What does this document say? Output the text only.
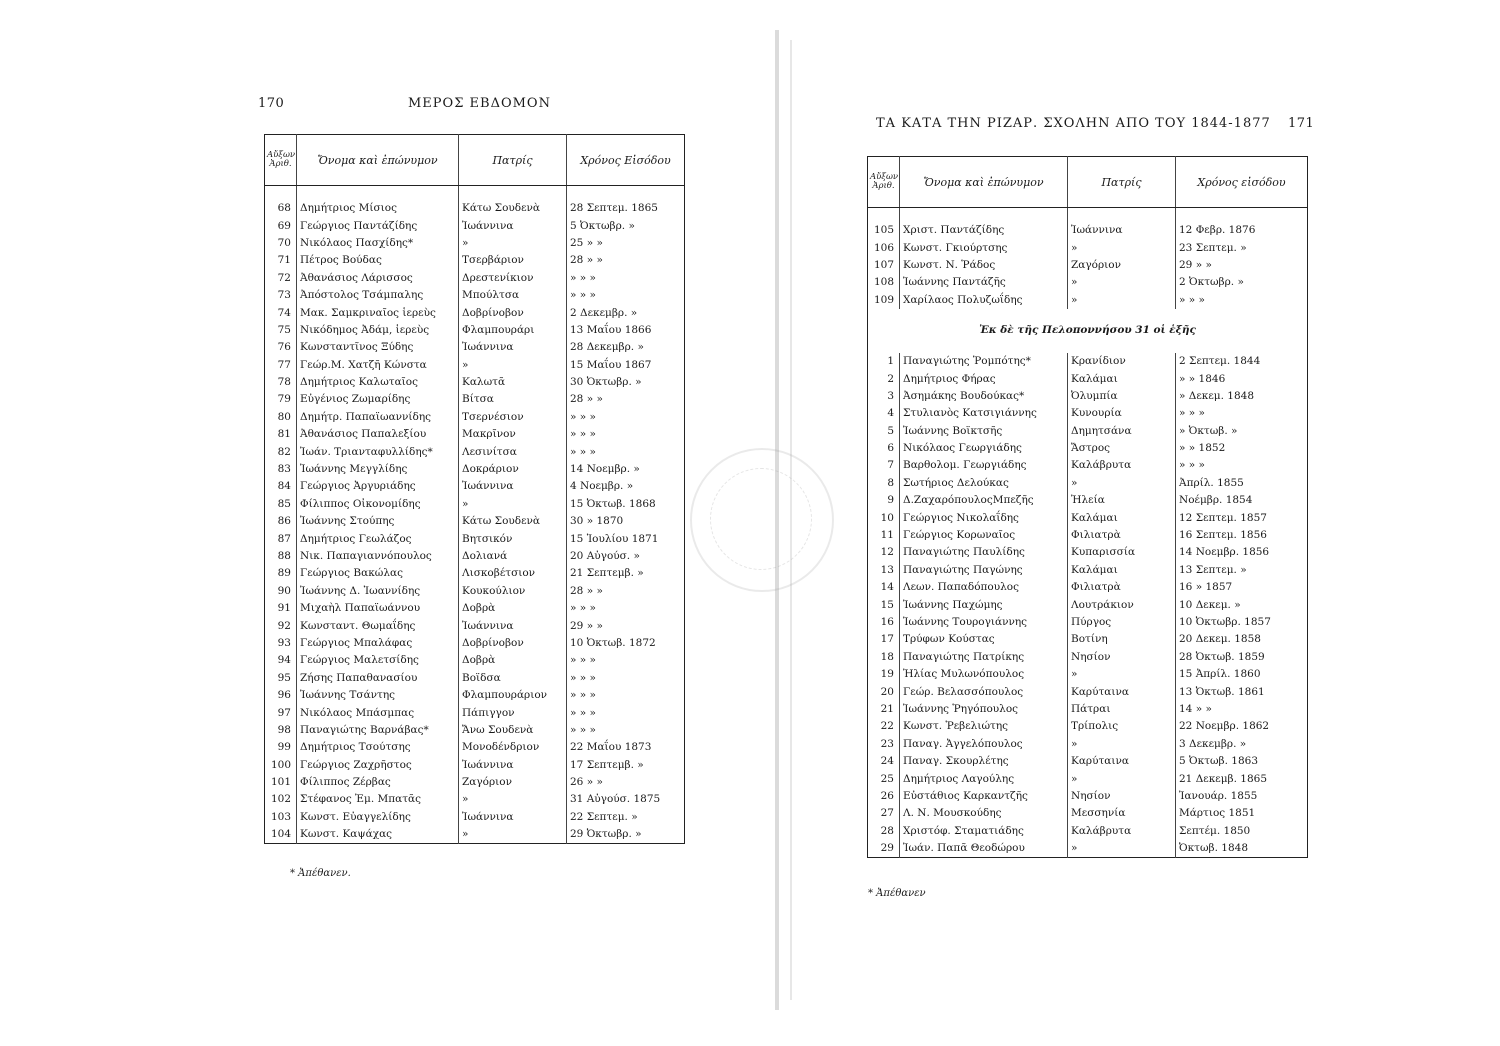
170	ΜΕΡΟΣ ΕΒΔΟΜΟΝ
Αὔξων Ἀριθ.	Ὄνομα καὶ ἐπώνυμον	Πατρίς	Χρόνος Εἰσόδου

68	Δημήτριος Μίσιος	Κάτω Σουδενὰ	28 Σεπτεμ. 1865
69	Γεώργιος Παντάζίδης	Ἰωάννινα	5 Ὀκτωβρ. »
70	Νικόλαος Πασχίδης*	»	25 » »
71	Πέτρος Βούδας	Τσερβάριον	28 » »
72	Ἀθανάσιος Λάρισσος	Δρεστενίκιον	» » »
73	Ἀπόστολος Τσάμπαλης	Μπούλτσα	» » »
74	Μακ. Σαμκριναῖος ἱερεὺς	Δοβρίνοβον	2 Δεκεμβρ. »
75	Νικόδημος Ἀδάμ, ἱερεὺς	Φλαμπουράρι	13 Μαΐου 1866
76	Κωνσταντῖνος Ξύδης	Ἰωάννινα	28 Δεκεμβρ. »
77	Γεώρ.Μ. Χατζῆ Κώνστα	»	15 Μαΐου 1867
78	Δημήτριος Καλωταῖος	Καλωτᾶ	30 Ὀκτωβρ. »
79	Εὐγένιος Ζωμαρίδης	Βίτσα	28 » »
80	Δημήτρ. Παπαϊωαννίδης	Τσερνέσιον	» » »
81	Ἀθανάσιος Παπαλεξίου	Μακρῖνον	» » »
82	Ἰωάν. Τριανταφυλλίδης*	Λεσινίτσα	» » »
83	Ἰωάννης Μεγγλίδης	Δοκράριον	14 Νοεμβρ. »
84	Γεώργιος Ἀργυριάδης	Ἰωάννινα	4 Νοεμβρ. »
85	Φίλιππος Οἰκονομίδης	»	15 Ὀκτωβ. 1868
86	Ἰωάννης Στούπης	Κάτω Σουδενὰ	30 » 1870
87	Δημήτριος Γεωλάζος	Βητσικόν	15 Ἰουλίου 1871
88	Νικ. Παπαγιαννόπουλος	Δολιανά	20 Αὐγούσ. »
89	Γεώργιος Βακώλας	Λισκοβέτσιον	21 Σεπτεμβ. »
90	Ἰωάννης Δ. Ἰωαννίδης	Κουκούλιον	28 » »
91	Μιχαὴλ Παπαϊωάννου	Δοβρὰ	» » »
92	Κωνσταντ. Θωμαΐδης	Ἰωάννινα	29 » »
93	Γεώργιος Μπαλάφας	Δοβρίνοβον	10 Ὀκτωβ. 1872
94	Γεώργιος Μαλετσίδης	Δοβρὰ	» » »
95	Ζήσης Παπαθανασίου	Βοϊδσα	» » »
96	Ἰωάννης Τσάντης	Φλαμπουράριον	» » »
97	Νικόλαος Μπάσμπας	Πάπιγγον	» » »
98	Παναγιώτης Βαρνάβας*	Ἄνω Σουδενὰ	» » »
99	Δημήτριος Τσούτσης	Μονοδένδριον	22 Μαΐου 1873
100	Γεώργιος Ζαχρῆστος	Ἰωάννινα	17 Σεπτεμβ. »
101	Φίλιππος Ζέρβας	Ζαγόριον	26 » »
102	Στέφανος Ἐμ. Μπατᾶς	»	31 Αὐγούσ. 1875
103	Κωνστ. Εὐαγγελίδης	Ἰωάννινα	22 Σεπτεμ. »
104	Κωνστ. Καψάχας	»	29 Ὀκτωβρ. »
* Ἀπέθανεν.
ΤΑ ΚΑΤΑ ΤΗΝ ΡΙΖΑΡ. ΣΧΟΛΗΝ ΑΠΟ ΤΟΥ 1844-1877 171
Αὔξων Ἀριθ.	Ὄνομα καὶ ἐπώνυμον	Πατρίς	Χρόνος εἰσόδου

105	Χριστ. Παντάζίδης	Ἰωάννινα	12 Φεβρ. 1876
106	Κωνστ. Γκιούρτσης	»	23 Σεπτεμ. »
107	Κωνστ. Ν. Ῥάδος	Ζαγόριον	29 » »
108	Ἰωάννης Παντάζῆς	»	2 Ὀκτωβρ. »
109	Χαρίλαος Πολυζωΐδης	»	» » »
Ἐκ δὲ τῆς Πελοποννήσου 31 οἱ ἑξῆς			
1	Παναγιώτης Ῥομπότης*	Κρανίδιον	2 Σεπτεμ. 1844
2	Δημήτριος Φήρας	Καλάμαι	» » 1846
3	Ἀσημάκης Βουδούκας*	Ὀλυμπία	» Δεκεμ. 1848
4	Στυλιανὸς Κατσιγιάννης	Κυνουρία	» » »
5	Ἰωάννης Βοϊκτσῆς	Δημητσάνα	» Ὀκτωβ. »
6	Νικόλαος Γεωργιάδης	Ἄστρος	» » 1852
7	Βαρθολομ. Γεωργιάδης	Καλάβρυτα	» » »
8	Σωτήριος Δελούκας	»	Ἀπρίλ. 1855
9	Δ.ΖαχαρόπουλοςΜπεζῆς	Ἠλεία	Νοέμβρ. 1854
10	Γεώργιος Νικολαΐδης	Καλάμαι	12 Σεπτεμ. 1857
11	Γεώργιος Κορωναῖος	Φιλιατρὰ	16 Σεπτεμ. 1856
12	Παναγιώτης Παυλίδης	Κυπαρισσία	14 Νοεμβρ. 1856
13	Παναγιώτης Παγώνης	Καλάμαι	13 Σεπτεμ. »
14	Λεων. Παπαδόπουλος	Φιλιατρὰ	16 » 1857
15	Ἰωάννης Παχώμης	Λουτράκιον	10 Δεκεμ. »
16	Ἰωάννης Τουρογιάννης	Πύργος	10 Ὀκτωβρ. 1857
17	Τρύφων Κούστας	Βοτίνη	20 Δεκεμ. 1858
18	Παναγιώτης Πατρίκης	Νησίον	28 Ὀκτωβ. 1859
19	Ἠλίας Μυλωνόπουλος	»	15 Ἀπρίλ. 1860
20	Γεώρ. Βελασσόπουλος	Καρύταινα	13 Ὀκτωβ. 1861
21	Ἰωάννης Ῥηγόπουλος	Πάτραι	14 » »
22	Κωνστ. Ῥεβελιώτης	Τρίπολις	22 Νοεμβρ. 1862
23	Παναγ. Ἀγγελόπουλος	»	3 Δεκεμβρ. »
24	Παναγ. Σκουρλέτης	Καρύταινα	5 Ὀκτωβ. 1863
25	Δημήτριος Λαγούλης	»	21 Δεκεμβ. 1865
26	Εὐστάθιος Καρκαντζῆς	Νησίον	Ἰανουάρ. 1855
27	Λ. Ν. Μουσκούδης	Μεσσηνία	Μάρτιος 1851
28	Χριστόφ. Σταματιάδης	Καλάβρυτα	Σεπτέμ. 1850
29	Ἰωάν. Παπᾶ Θεοδώρου	»	Ὀκτωβ. 1848
* Ἀπέθανεν
